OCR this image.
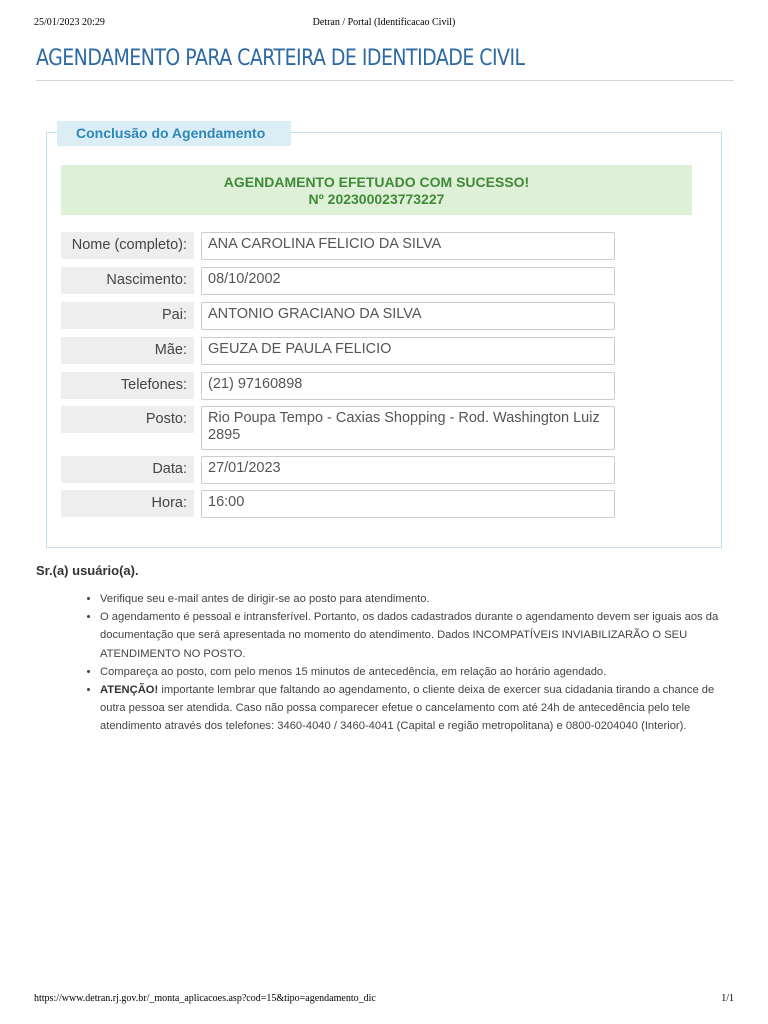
25/01/2023 20:29	Detran / Portal (Identificacao Civil)
AGENDAMENTO PARA CARTEIRA DE IDENTIDADE CIVIL
Conclusão do Agendamento
AGENDAMENTO EFETUADO COM SUCESSO!
Nº 202300023773227
Nome (completo):	ANA CAROLINA FELICIO DA SILVA
Nascimento:	08/10/2002
Pai:	ANTONIO GRACIANO DA SILVA
Mãe:	GEUZA DE PAULA FELICIO
Telefones:	(21) 97160898
Posto:	Rio Poupa Tempo - Caxias Shopping - Rod. Washington Luiz 2895
Data:	27/01/2023
Hora:	16:00
Sr.(a) usuário(a).
• Verifique seu e-mail antes de dirigir-se ao posto para atendimento.
• O agendamento é pessoal e intransferível. Portanto, os dados cadastrados durante o agendamento devem ser iguais aos da documentação que será apresentada no momento do atendimento. Dados INCOMPATÍVEIS INVIABILIZARÃO O SEU ATENDIMENTO NO POSTO.
• Compareça ao posto, com pelo menos 15 minutos de antecedência, em relação ao horário agendado.
• ATENÇÃO! importante lembrar que faltando ao agendamento, o cliente deixa de exercer sua cidadania tirando a chance de outra pessoa ser atendida. Caso não possa comparecer efetue o cancelamento com até 24h de antecedência pelo tele atendimento através dos telefones: 3460-4040 / 3460-4041 (Capital e região metropolitana) e 0800-0204040 (Interior).
https://www.detran.rj.gov.br/_monta_aplicacoes.asp?cod=15&tipo=agendamento_dic	1/1
